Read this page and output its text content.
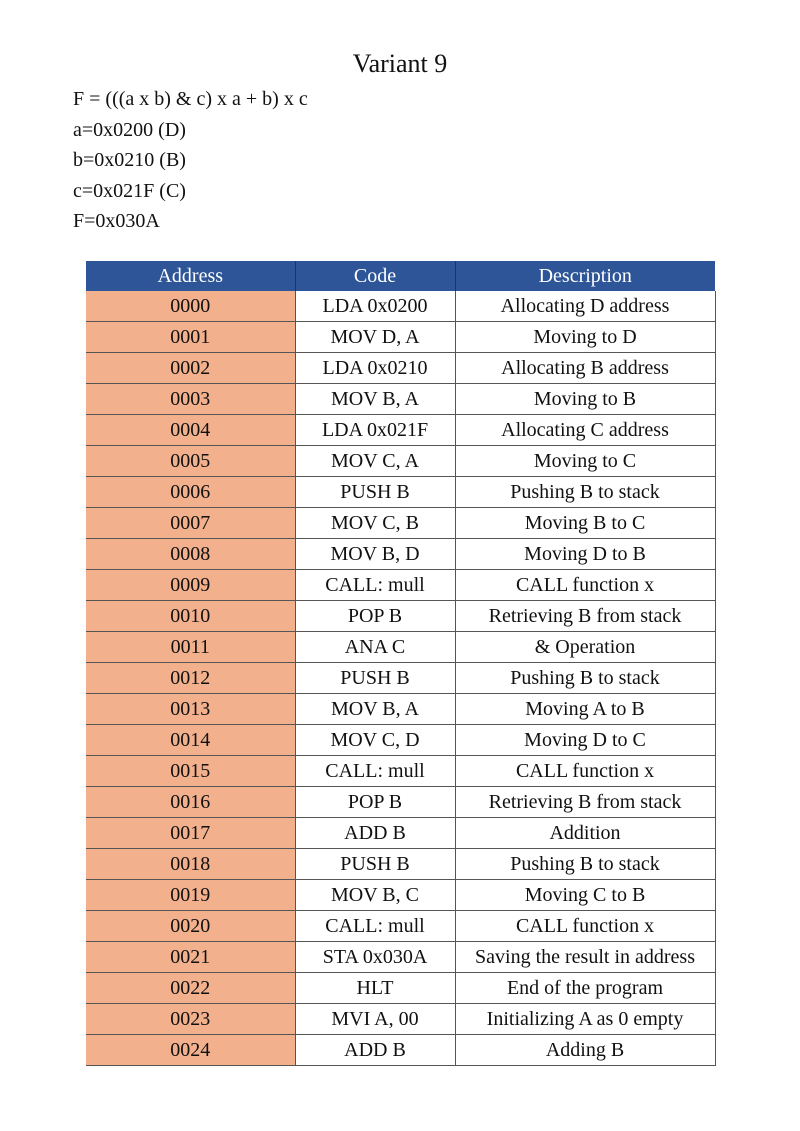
Variant 9
F = (((a x b) & c) x a + b) x c
a=0x0200 (D)
b=0x0210 (B)
c=0x021F (C)
F=0x030A
Address	Code	Description
0000	LDA 0x0200	Allocating D address
0001	MOV D, A	Moving to D
0002	LDA 0x0210	Allocating B address
0003	MOV B, A	Moving to B
0004	LDA 0x021F	Allocating C address
0005	MOV C, A	Moving to C
0006	PUSH B	Pushing B to stack
0007	MOV C, B	Moving B to C
0008	MOV B, D	Moving D to B
0009	CALL: mull	CALL function x
0010	POP B	Retrieving B from stack
0011	ANA C	& Operation
0012	PUSH B	Pushing B to stack
0013	MOV B, A	Moving A to B
0014	MOV C, D	Moving D to C
0015	CALL: mull	CALL function x
0016	POP B	Retrieving B from stack
0017	ADD B	Addition
0018	PUSH B	Pushing B to stack
0019	MOV B, C	Moving C to B
0020	CALL: mull	CALL function x
0021	STA 0x030A	Saving the result in address
0022	HLT	End of the program
0023	MVI A, 00	Initializing A as 0 empty
0024	ADD B	Adding B
